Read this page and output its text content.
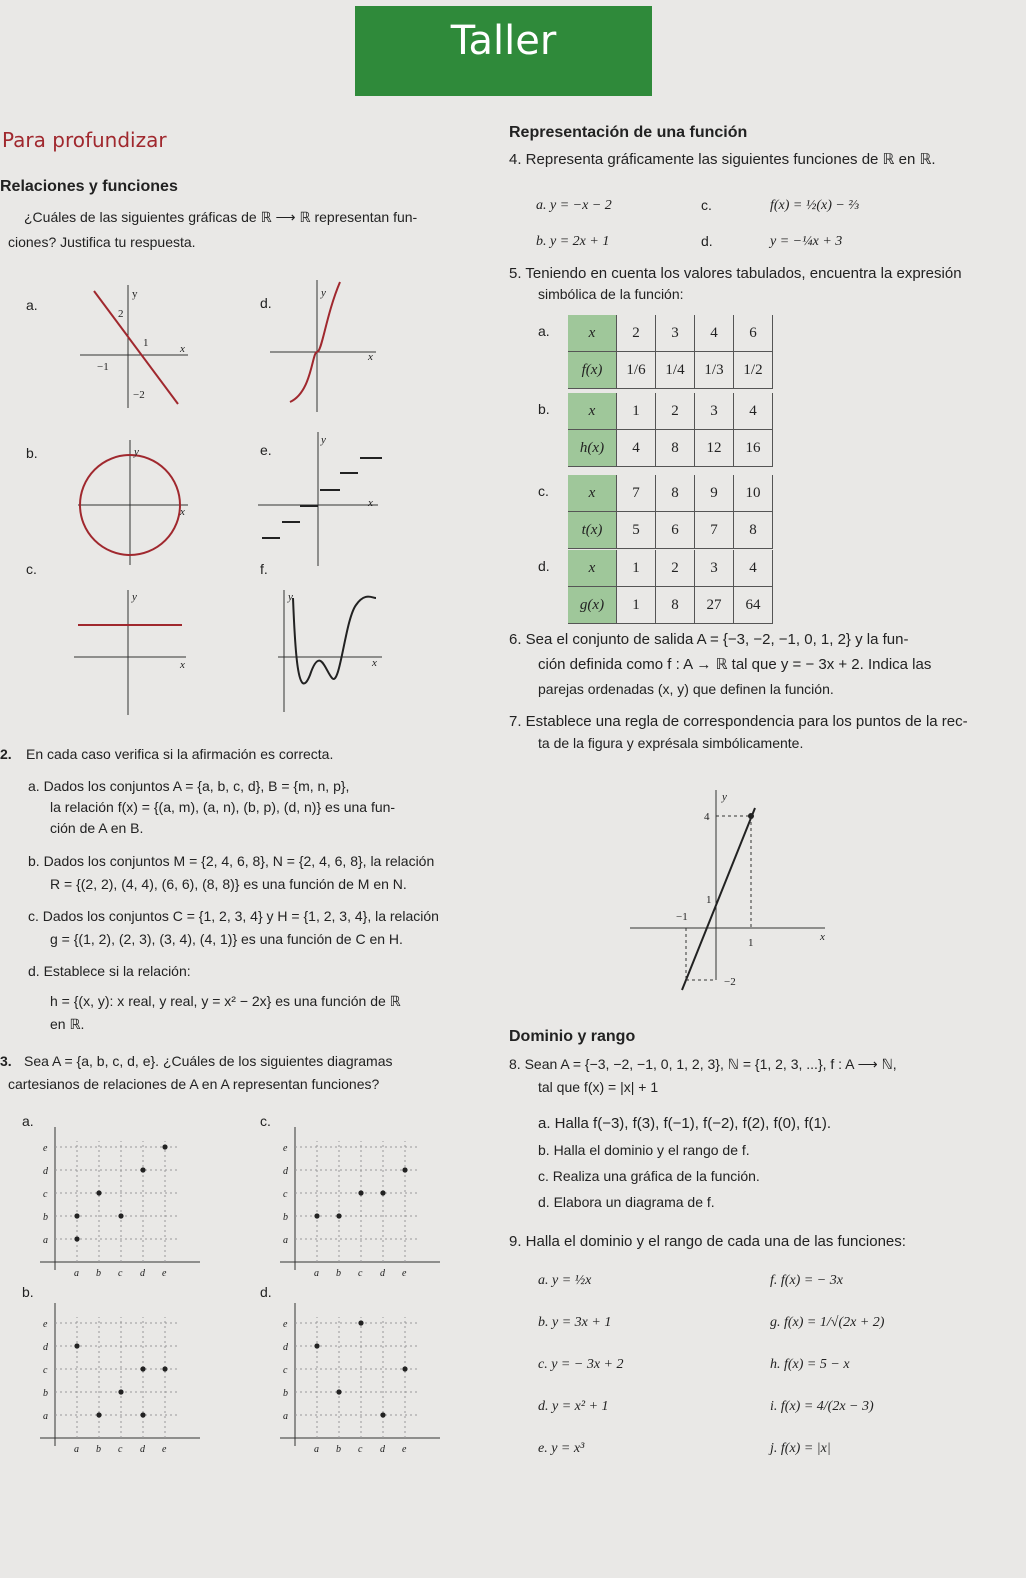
Taller
Para profundizar
Relaciones y funciones
¿Cuáles de las siguientes gráficas de ℝ ⟶ ℝ representan fun-
ciones? Justifica tu respuesta.
a.
b.
c.
d.
e.
f.
y
2
1
−1
−2
x
y
x
y
x
y
x
y
x
y
x
2. En cada caso verifica si la afirmación es correcta.
a. Dados los conjuntos A = {a, b, c, d}, B = {m, n, p},
la relación f(x) = {(a, m), (a, n), (b, p), (d, n)} es una fun-
ción de A en B.
b. Dados los conjuntos M = {2, 4, 6, 8}, N = {2, 4, 6, 8}, la relación
R = {(2, 2), (4, 4), (6, 6), (8, 8)} es una función de M en N.
c. Dados los conjuntos C = {1, 2, 3, 4} y H = {1, 2, 3, 4}, la relación
g = {(1, 2), (2, 3), (3, 4), (4, 1)} es una función de C en H.
d. Establece si la relación:
h = {(x, y): x real, y real, y = x² − 2x} es una función de ℝ
en ℝ.
3. Sea A = {a, b, c, d, e}. ¿Cuáles de los siguientes diagramas
cartesianos de relaciones de A en A representan funciones?
a.
b.
c.
d.
a
a
b
b
c
c
d
d
e
e
a
a
b
b
c
c
d
d
e
e
a
a
b
b
c
c
d
d
e
e
a
a
b
b
c
c
d
d
e
e
Representación de una función
4. Representa gráficamente las siguientes funciones de ℝ en ℝ.
a. y = −x − 2
b. y = 2x + 1
c.	f(x) = ½(x) − ⅔
d.	y = −¼x + 3
5. Teniendo en cuenta los valores tabulados, encuentra la expresión
simbólica de la función:
a.	x	2	3	4	6
f(x)	1/6	1/4	1/3	1/2
b.	x	1	2	3	4
h(x)	4	8	12	16
c.	x	7	8	9	10
t(x)	5	6	7	8
d.	x	1	2	3	4
g(x)	1	8	27	64
6. Sea el conjunto de salida A = {−3, −2, −1, 0, 1, 2} y la fun-
ción definida como f : A → ℝ tal que y = − 3x + 2. Indica las
parejas ordenadas (x, y) que definen la función.
7. Establece una regla de correspondencia para los puntos de la rec-
ta de la figura y exprésala simbólicamente.
y
x
4
1
−1
1
−2
Dominio y rango
8. Sean A = {−3, −2, −1, 0, 1, 2, 3}, ℕ = {1, 2, 3, ...}, f : A ⟶ ℕ,
tal que f(x) = |x| + 1
a. Halla f(−3), f(3), f(−1), f(−2), f(2), f(0), f(1).
b. Halla el dominio y el rango de f.
c. Realiza una gráfica de la función.
d. Elabora un diagrama de f.
9. Halla el dominio y el rango de cada una de las funciones:
a. y = ½x
b. y = 3x + 1
c. y = − 3x + 2
d. y = x² + 1
e. y = x³
f. f(x) = − 3x
g. f(x) = 1/√(2x + 2)
h. f(x) = 5 − x
i. f(x) = 4/(2x − 3)
j. f(x) = |x|
